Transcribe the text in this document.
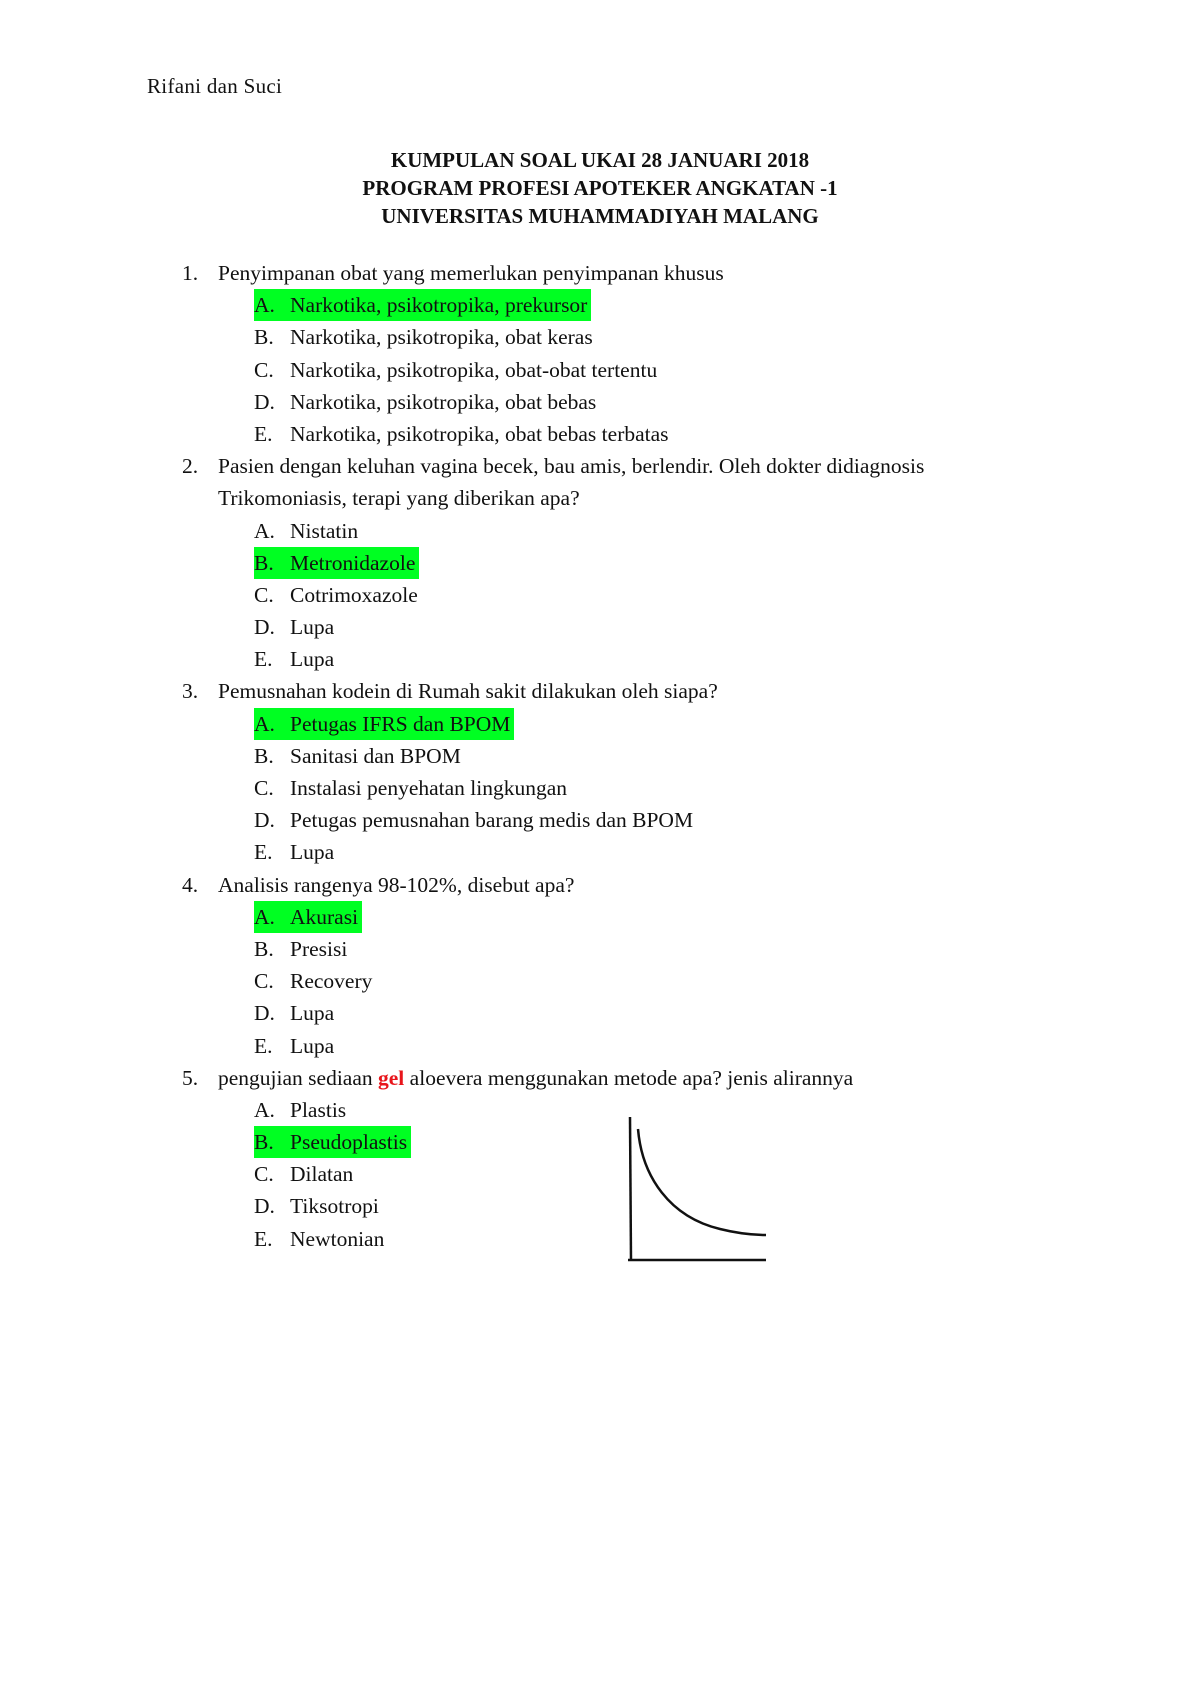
Rifani dan Suci
KUMPULAN SOAL UKAI 28 JANUARI 2018
PROGRAM PROFESI APOTEKER ANGKATAN -1
UNIVERSITAS MUHAMMADIYAH MALANG
1. Penyimpanan obat yang memerlukan penyimpanan khusus
A. Narkotika, psikotropika, prekursor
B. Narkotika, psikotropika, obat keras
C. Narkotika, psikotropika, obat-obat tertentu
D. Narkotika, psikotropika, obat bebas
E. Narkotika, psikotropika, obat bebas terbatas
2. Pasien dengan keluhan vagina becek, bau amis, berlendir. Oleh dokter didiagnosis
Trikomoniasis, terapi yang diberikan apa?
A. Nistatin
B. Metronidazole
C. Cotrimoxazole
D. Lupa
E. Lupa
3. Pemusnahan kodein di Rumah sakit dilakukan oleh siapa?
A. Petugas IFRS dan BPOM
B. Sanitasi dan BPOM
C. Instalasi penyehatan lingkungan
D. Petugas pemusnahan barang medis dan BPOM
E. Lupa
4. Analisis rangenya 98-102%, disebut apa?
A. Akurasi
B. Presisi
C. Recovery
D. Lupa
E. Lupa
5. pengujian sediaan gel aloevera menggunakan metode apa? jenis alirannya
A. Plastis
B. Pseudoplastis
C. Dilatan
D. Tiksotropi
E. Newtonian
